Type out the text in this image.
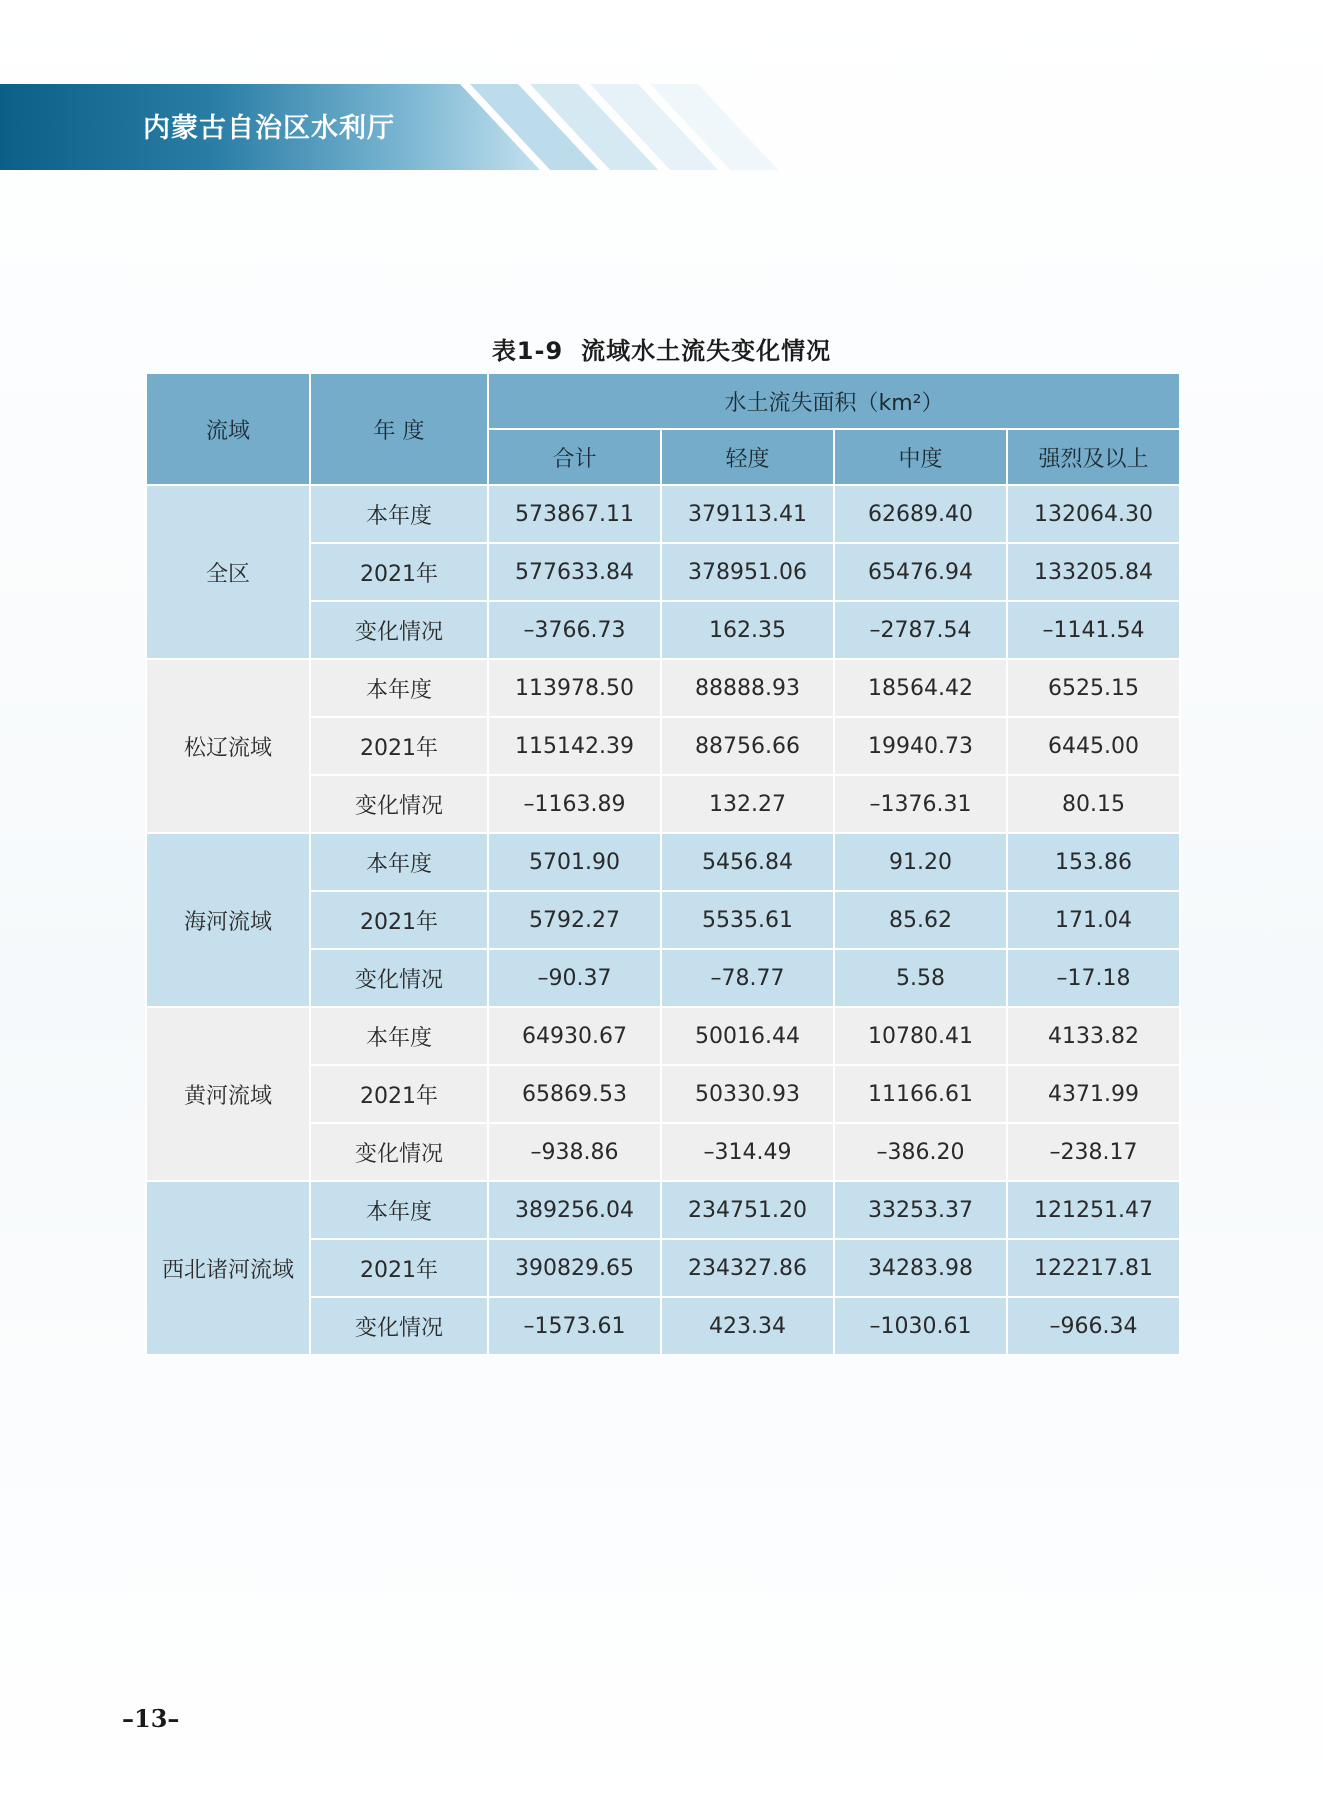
内蒙古自治区水利厅
表1-9 流域水土流失变化情况
流域	年 度	水土流失面积（km²）			
		合计	轻度	中度	强烈及以上
全区	本年度	573867.11	379113.41	62689.40	132064.30
	2021年	577633.84	378951.06	65476.94	133205.84
	变化情况	–3766.73	162.35	–2787.54	–1141.54
松辽流域	本年度	113978.50	88888.93	18564.42	6525.15
	2021年	115142.39	88756.66	19940.73	6445.00
	变化情况	–1163.89	132.27	–1376.31	80.15
海河流域	本年度	5701.90	5456.84	91.20	153.86
	2021年	5792.27	5535.61	85.62	171.04
	变化情况	–90.37	–78.77	5.58	–17.18
黄河流域	本年度	64930.67	50016.44	10780.41	4133.82
	2021年	65869.53	50330.93	11166.61	4371.99
	变化情况	–938.86	–314.49	–386.20	–238.17
西北诸河流域	本年度	389256.04	234751.20	33253.37	121251.47
	2021年	390829.65	234327.86	34283.98	122217.81
	变化情况	–1573.61	423.34	–1030.61	–966.34
–13–
